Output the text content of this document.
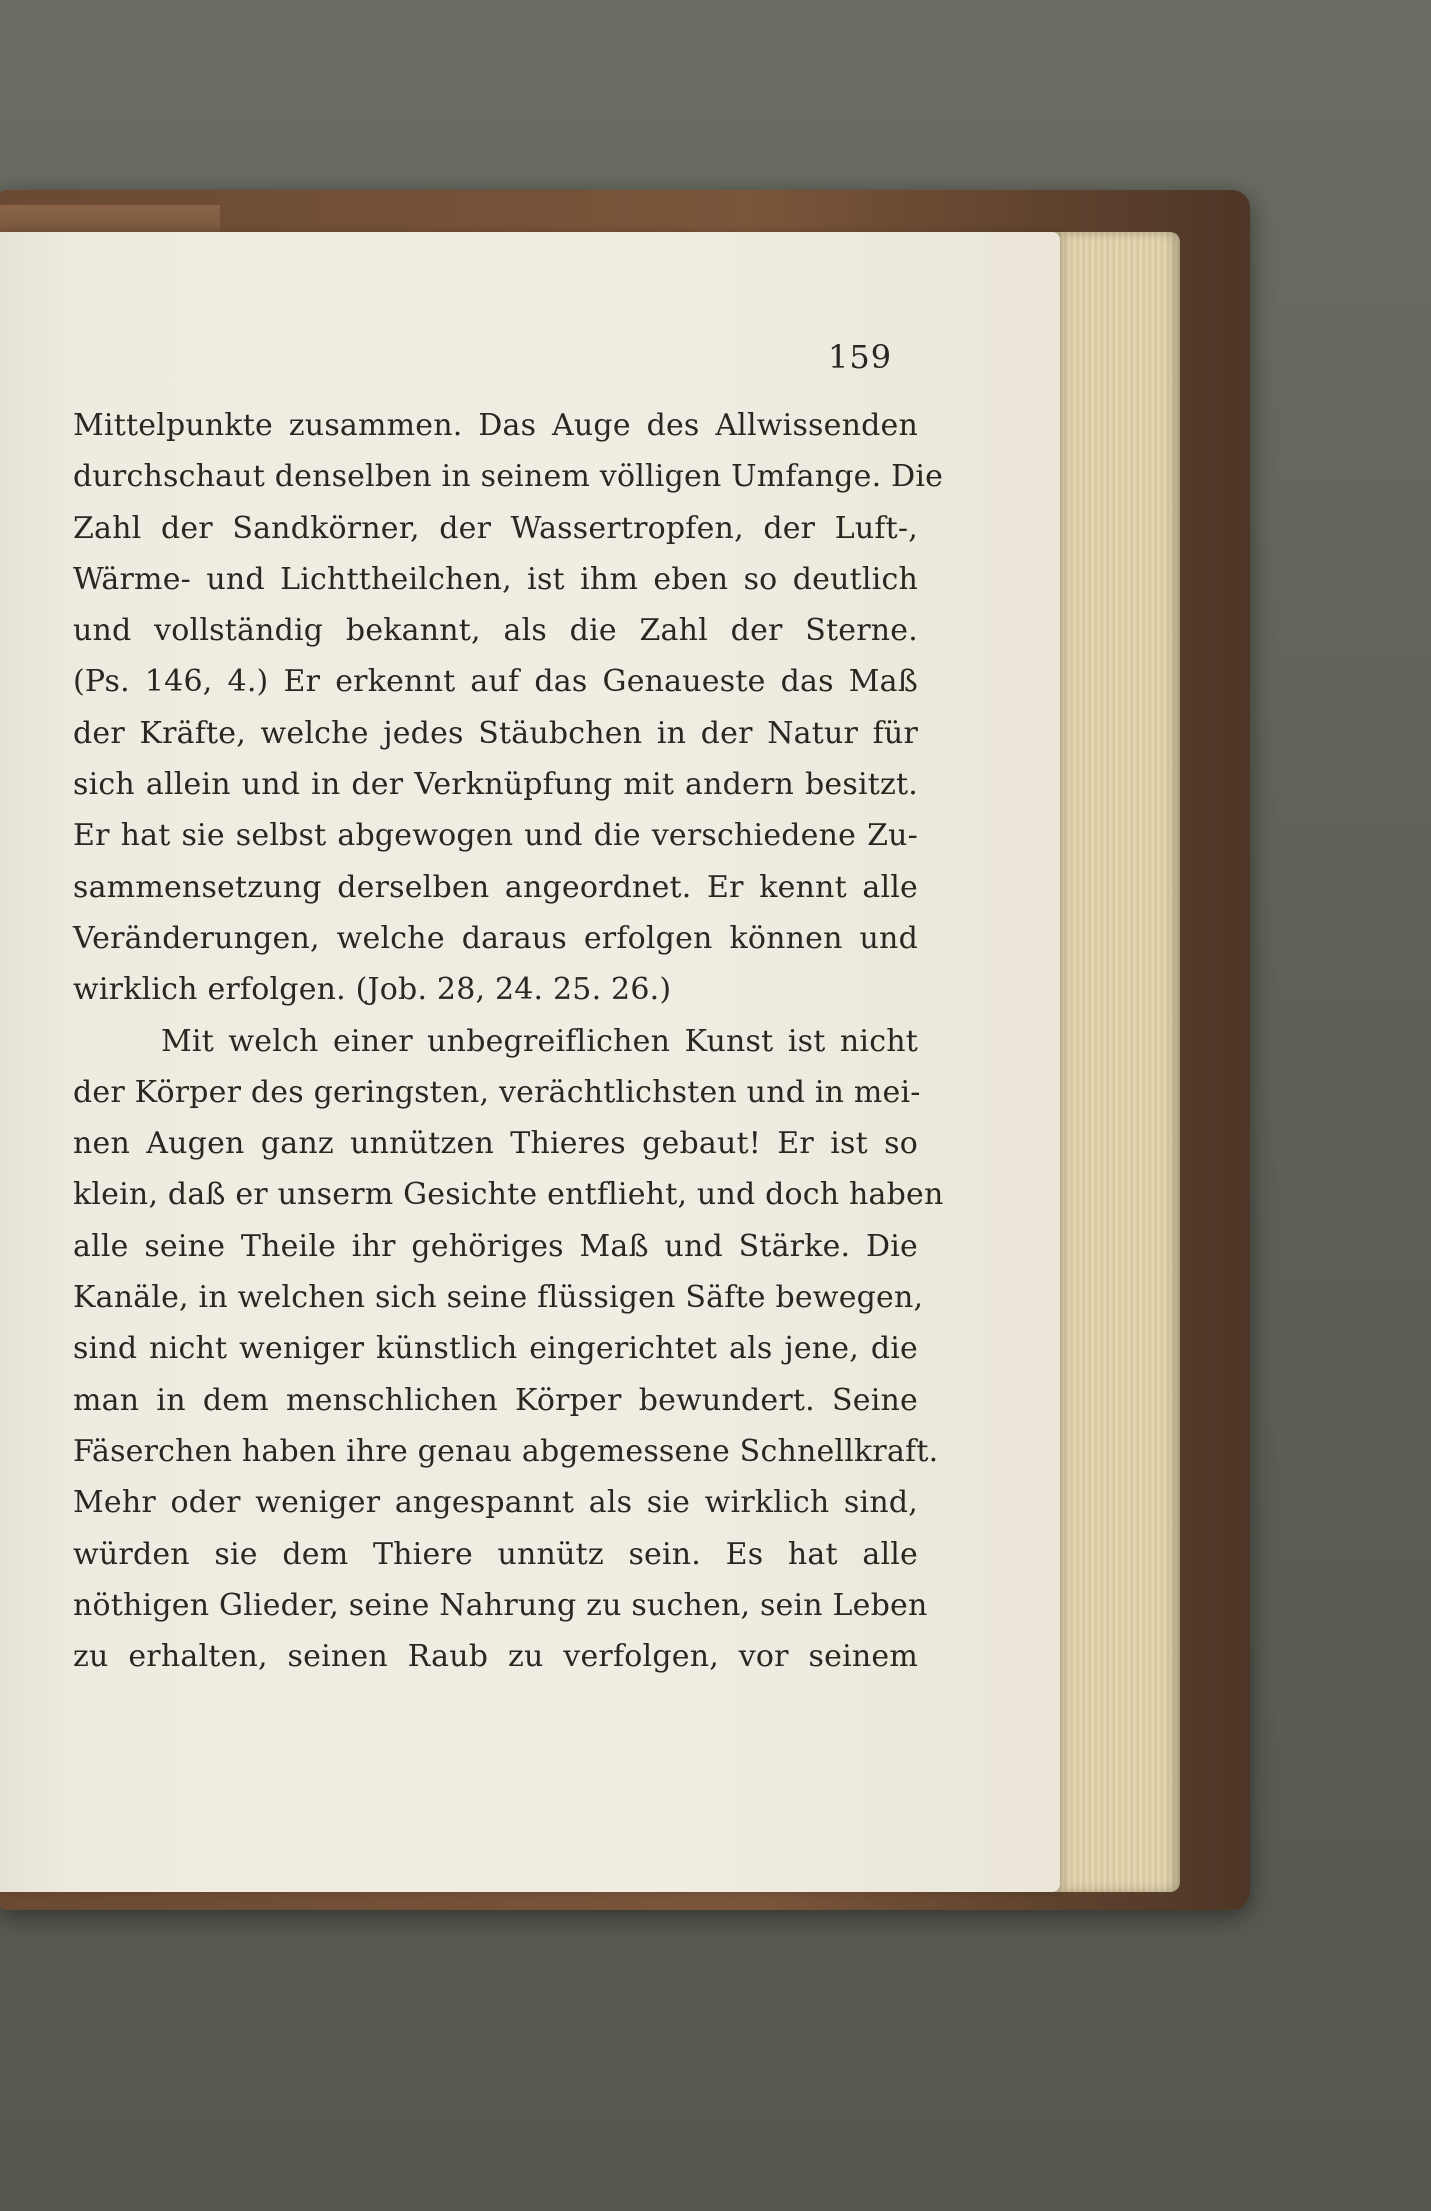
159
Mittelpunkte zusammen. Das Auge des Allwissenden
durchschaut denselben in seinem völligen Umfange. Die
Zahl der Sandkörner, der Wassertropfen, der Luft-,
Wärme- und Lichttheilchen, ist ihm eben so deutlich
und vollständig bekannt, als die Zahl der Sterne.
(Ps. 146, 4.) Er erkennt auf das Genaueste das Maß
der Kräfte, welche jedes Stäubchen in der Natur für
sich allein und in der Verknüpfung mit andern besitzt.
Er hat sie selbst abgewogen und die verschiedene Zu-
sammensetzung derselben angeordnet. Er kennt alle
Veränderungen, welche daraus erfolgen können und
wirklich erfolgen. (Job. 28, 24. 25. 26.)
Mit welch einer unbegreiflichen Kunst ist nicht
der Körper des geringsten, verächtlichsten und in mei-
nen Augen ganz unnützen Thieres gebaut! Er ist so
klein, daß er unserm Gesichte entflieht, und doch haben
alle seine Theile ihr gehöriges Maß und Stärke. Die
Kanäle, in welchen sich seine flüssigen Säfte bewegen,
sind nicht weniger künstlich eingerichtet als jene, die
man in dem menschlichen Körper bewundert. Seine
Fäserchen haben ihre genau abgemessene Schnellkraft.
Mehr oder weniger angespannt als sie wirklich sind,
würden sie dem Thiere unnütz sein. Es hat alle
nöthigen Glieder, seine Nahrung zu suchen, sein Leben
zu erhalten, seinen Raub zu verfolgen, vor seinem
